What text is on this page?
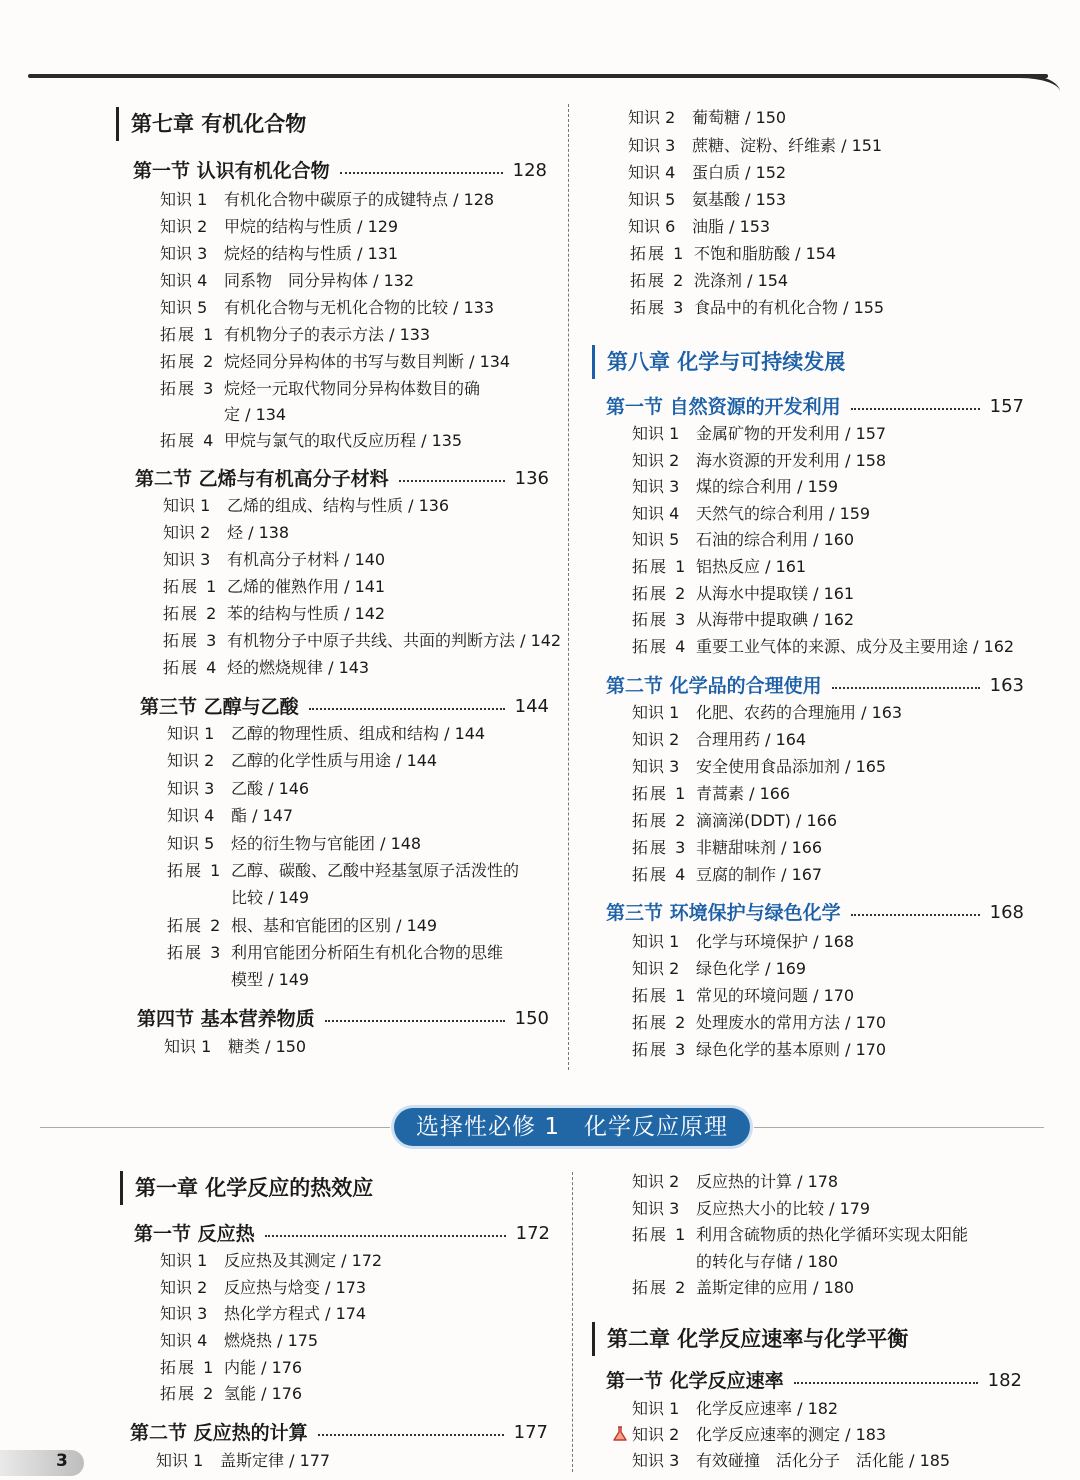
第七章 有机化合物
第一节 认识有机化合物	128
知识 1 有机化合物中碳原子的成键特点 / 128
知识 2 甲烷的结构与性质 / 129
知识 3 烷烃的结构与性质 / 131
知识 4 同系物　同分异构体 / 132
知识 5 有机化合物与无机化合物的比较 / 133
拓展 1 有机物分子的表示方法 / 133
拓展 2 烷烃同分异构体的书写与数目判断 / 134
拓展 3 烷烃一元取代物同分异构体数目的确
定 / 134
拓展 4 甲烷与氯气的取代反应历程 / 135
第二节 乙烯与有机高分子材料	136
知识 1 乙烯的组成、结构与性质 / 136
知识 2 烃 / 138
知识 3 有机高分子材料 / 140
拓展 1 乙烯的催熟作用 / 141
拓展 2 苯的结构与性质 / 142
拓展 3 有机物分子中原子共线、共面的判断方法 / 142
拓展 4 烃的燃烧规律 / 143
第三节 乙醇与乙酸	144
知识 1 乙醇的物理性质、组成和结构 / 144
知识 2 乙醇的化学性质与用途 / 144
知识 3 乙酸 / 146
知识 4 酯 / 147
知识 5 烃的衍生物与官能团 / 148
拓展 1 乙醇、碳酸、乙酸中羟基氢原子活泼性的
比较 / 149
拓展 2 根、基和官能团的区别 / 149
拓展 3 利用官能团分析陌生有机化合物的思维
模型 / 149
第四节 基本营养物质	150
知识 1 糖类 / 150
知识 2 葡萄糖 / 150
知识 3 蔗糖、淀粉、纤维素 / 151
知识 4 蛋白质 / 152
知识 5 氨基酸 / 153
知识 6 油脂 / 153
拓展 1 不饱和脂肪酸 / 154
拓展 2 洗涤剂 / 154
拓展 3 食品中的有机化合物 / 155
第八章 化学与可持续发展
第一节 自然资源的开发利用	157
知识 1 金属矿物的开发利用 / 157
知识 2 海水资源的开发利用 / 158
知识 3 煤的综合利用 / 159
知识 4 天然气的综合利用 / 159
知识 5 石油的综合利用 / 160
拓展 1 铝热反应 / 161
拓展 2 从海水中提取镁 / 161
拓展 3 从海带中提取碘 / 162
拓展 4 重要工业气体的来源、成分及主要用途 / 162
第二节 化学品的合理使用	163
知识 1 化肥、农药的合理施用 / 163
知识 2 合理用药 / 164
知识 3 安全使用食品添加剂 / 165
拓展 1 青蒿素 / 166
拓展 2 滴滴涕(DDT) / 166
拓展 3 非糖甜味剂 / 166
拓展 4 豆腐的制作 / 167
第三节 环境保护与绿色化学	168
知识 1 化学与环境保护 / 168
知识 2 绿色化学 / 169
拓展 1 常见的环境问题 / 170
拓展 2 处理废水的常用方法 / 170
拓展 3 绿色化学的基本原则 / 170
选择性必修 1　化学反应原理
第一章 化学反应的热效应
第一节 反应热	172
知识 1 反应热及其测定 / 172
知识 2 反应热与焓变 / 173
知识 3 热化学方程式 / 174
知识 4 燃烧热 / 175
拓展 1 内能 / 176
拓展 2 氢能 / 176
第二节 反应热的计算	177
知识 1 盖斯定律 / 177
知识 2 反应热的计算 / 178
知识 3 反应热大小的比较 / 179
拓展 1 利用含硫物质的热化学循环实现太阳能
的转化与存储 / 180
拓展 2 盖斯定律的应用 / 180
第二章 化学反应速率与化学平衡
第一节 化学反应速率	182
知识 1 化学反应速率 / 182
知识 2 化学反应速率的测定 / 183
知识 3 有效碰撞　活化分子　活化能 / 185
3
